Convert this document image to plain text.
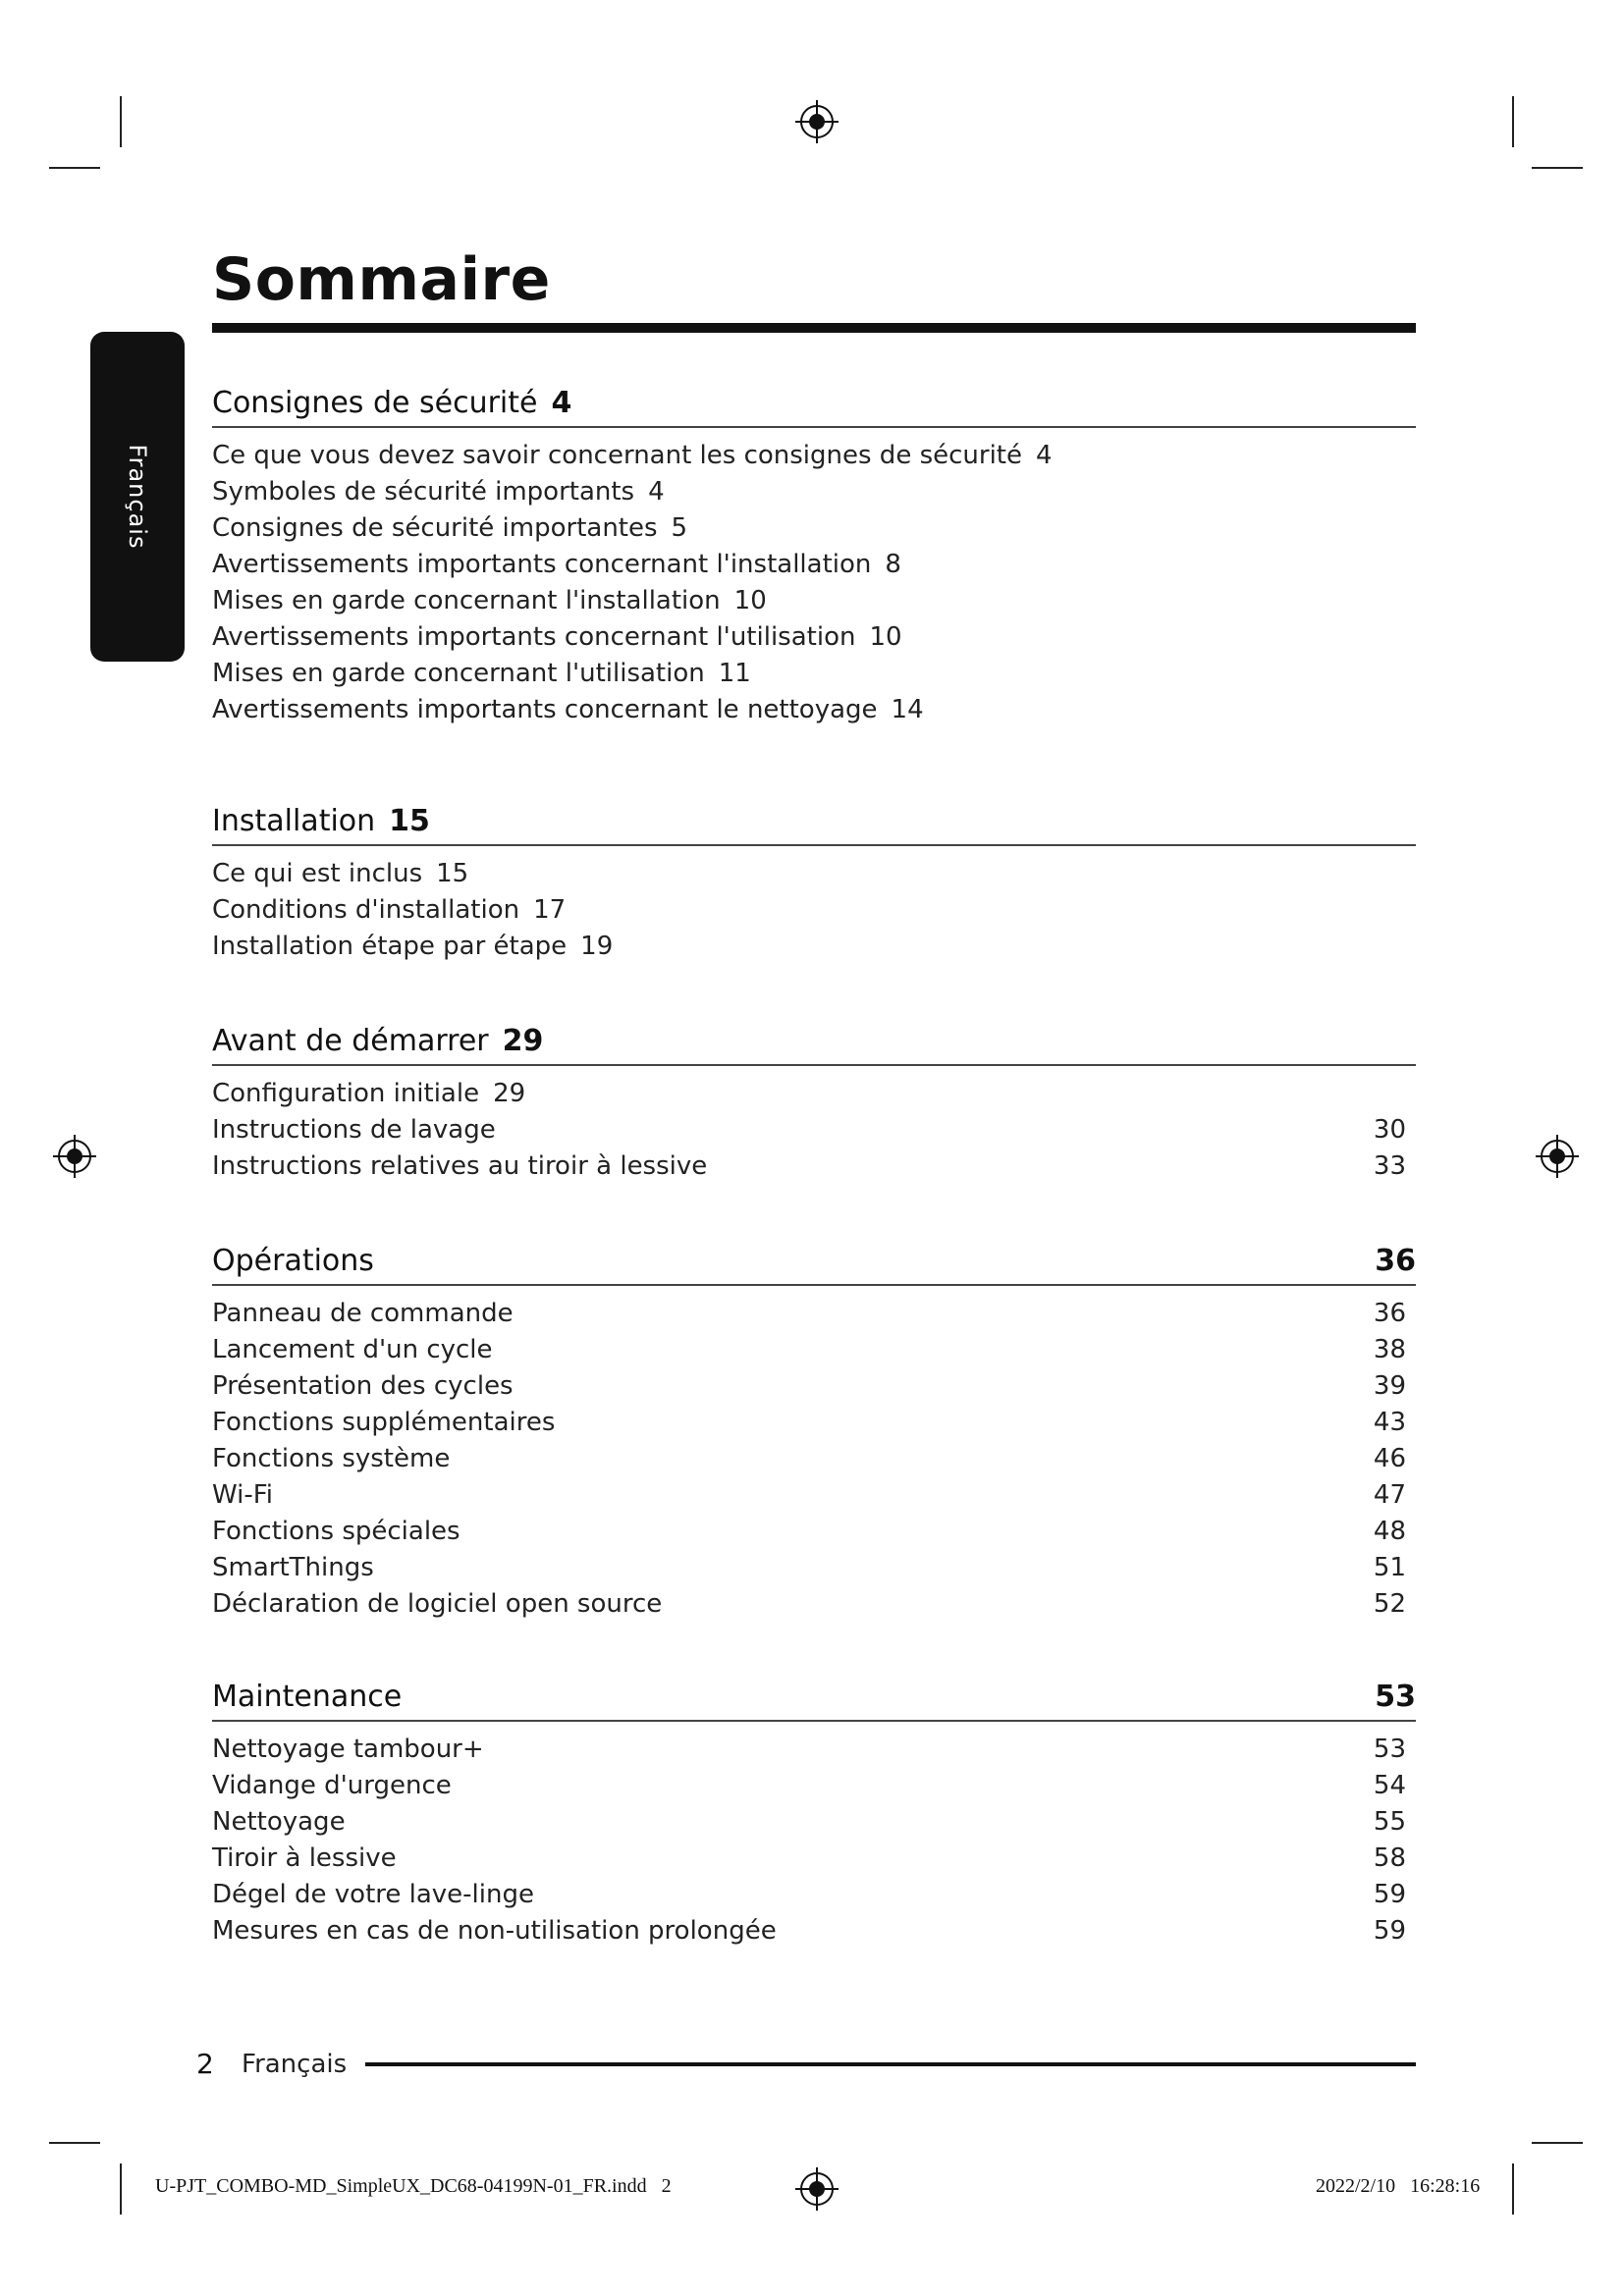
Sommaire
Français
Consignes de sécurité 4
Ce que vous devez savoir concernant les consignes de sécurité 4
Symboles de sécurité importants 4
Consignes de sécurité importantes 5
Avertissements importants concernant l'installation 8
Mises en garde concernant l'installation 10
Avertissements importants concernant l'utilisation 10
Mises en garde concernant l'utilisation 11
Avertissements importants concernant le nettoyage 14
Installation 15
Ce qui est inclus 15
Conditions d'installation 17
Installation étape par étape 19
Avant de démarrer 29
Configuration initiale 29
Instructions de lavage	30
Instructions relatives au tiroir à lessive	33
Opérations	36
Panneau de commande	36
Lancement d'un cycle	38
Présentation des cycles	39
Fonctions supplémentaires	43
Fonctions système	46
Wi-Fi	47
Fonctions spéciales	48
SmartThings	51
Déclaration de logiciel open source	52
Maintenance	53
Nettoyage tambour+	53
Vidange d'urgence	54
Nettoyage	55
Tiroir à lessive	58
Dégel de votre lave-linge	59
Mesures en cas de non-utilisation prolongée	59
2 Français
U-PJT_COMBO-MD_SimpleUX_DC68-04199N-01_FR.indd   2	2022/2/10   16:28:16
